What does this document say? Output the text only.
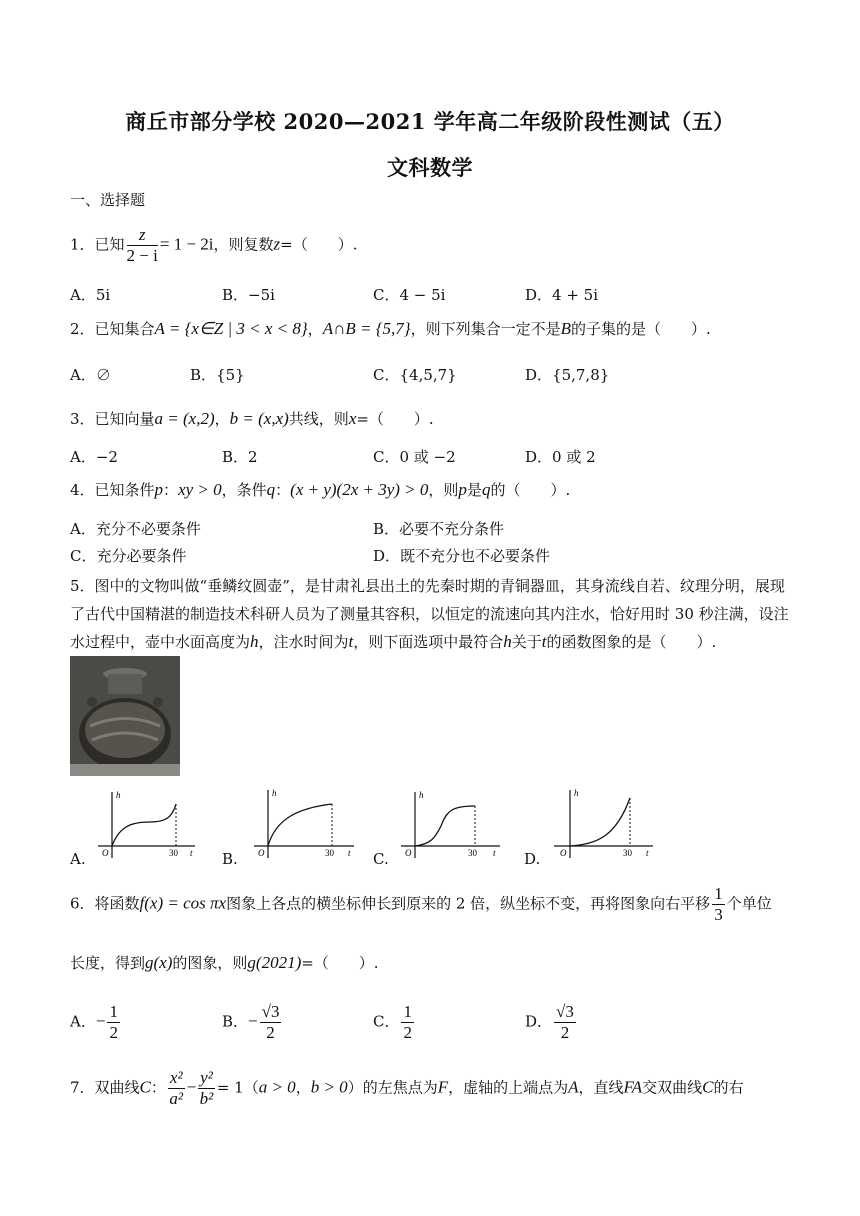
商丘市部分学校 2020—2021 学年高二年级阶段性测试（五）
文科数学
一、选择题
1．已知 $\frac{z}{2 - i} = 1 - 2i$，则复数z=（　　）.
A．5i	B．−5i	C．4 − 5i	D．4 + 5i
2．已知集合A = {x∈Z | 3 < x < 8}，A∩B = {5,7}，则下列集合一定不是B的子集的是（　　）.
A．∅	B．{5}	C．{4,5,7}	D．{5,7,8}
3．已知向量a = (x,2)，b = (x,x)共线，则x=（　　）.
A．−2	B．2	C．0 或 −2	D．0 或 2
4．已知条件p：xy > 0，条件q：(x + y)(2x + 3y) > 0，则p是q的（　　）.
A．充分不必要条件	B．必要不充分条件
C．充分必要条件	D．既不充分也不必要条件
5．图中的文物叫做“垂鳞纹圆壶”，是甘肃礼县出土的先秦时期的青铜器皿，其身流线自若、纹理分明，展现
了古代中国精湛的制造技术科研人员为了测量其容积，以恒定的流速向其内注水，恰好用时 30 秒注满，设注
水过程中，壶中水面高度为h，注水时间为t，则下面选项中最符合h关于t的函数图象的是（　　）.
A.	B.	C.	D.
h
O	30 t
h
O	30 t
h
O	30 t
h
O	30 t
6．将函数f(x) = cos πx图象上各点的横坐标伸长到原来的 2 倍，纵坐标不变，再将图象向右平移 $\frac{1}{3}$ 个单位
长度，得到g(x)的图象，则g(2021)=（　　）.
A．− $\frac{1}{2}$	B．− $\frac{√3}{2}$	C． $\frac{1}{2}$	D． $\frac{√3}{2}$
7．双曲线C： $\frac{\text{x²}}{\text{a²}} - \frac{\text{y²}}{\text{b²}} = 1(a > 0$，b > 0）的左焦点为F，虚轴的上端点为A，直线FA交双曲线C的右
